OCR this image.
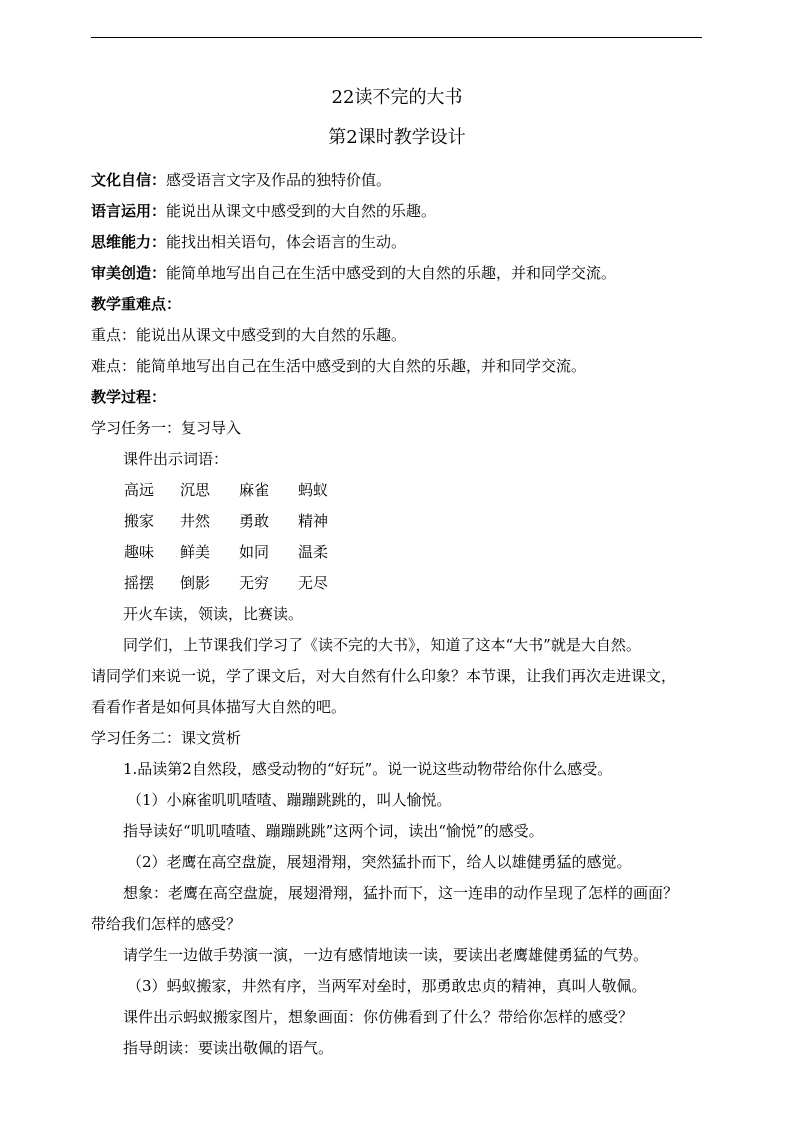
22读不完的大书
第2课时教学设计
文化自信：感受语言文字及作品的独特价值。
语言运用：能说出从课文中感受到的大自然的乐趣。
思维能力：能找出相关语句，体会语言的生动。
审美创造：能简单地写出自己在生活中感受到的大自然的乐趣，并和同学交流。
教学重难点：
重点：能说出从课文中感受到的大自然的乐趣。
难点：能简单地写出自己在生活中感受到的大自然的乐趣，并和同学交流。
教学过程：
学习任务一：复习导入
课件出示词语：
高远 沉思 麻雀 蚂蚁
搬家 井然 勇敢 精神
趣味 鲜美 如同 温柔
摇摆 倒影 无穷 无尽
开火车读，领读，比赛读。
同学们，上节课我们学习了《读不完的大书》，知道了这本“大书”就是大自然。
请同学们来说一说，学了课文后，对大自然有什么印象？本节课，让我们再次走进课文，
看看作者是如何具体描写大自然的吧。
学习任务二：课文赏析
1.品读第2自然段，感受动物的“好玩”。说一说这些动物带给你什么感受。
（1）小麻雀叽叽喳喳、蹦蹦跳跳的，叫人愉悦。
指导读好“叽叽喳喳、蹦蹦跳跳”这两个词，读出“愉悦”的感受。
（2）老鹰在高空盘旋，展翅滑翔，突然猛扑而下，给人以雄健勇猛的感觉。
想象：老鹰在高空盘旋，展翅滑翔，猛扑而下，这一连串的动作呈现了怎样的画面？
带给我们怎样的感受？
请学生一边做手势演一演，一边有感情地读一读，要读出老鹰雄健勇猛的气势。
（3）蚂蚁搬家，井然有序，当两军对垒时，那勇敢忠贞的精神，真叫人敬佩。
课件出示蚂蚁搬家图片，想象画面：你仿佛看到了什么？带给你怎样的感受？
指导朗读：要读出敬佩的语气。
